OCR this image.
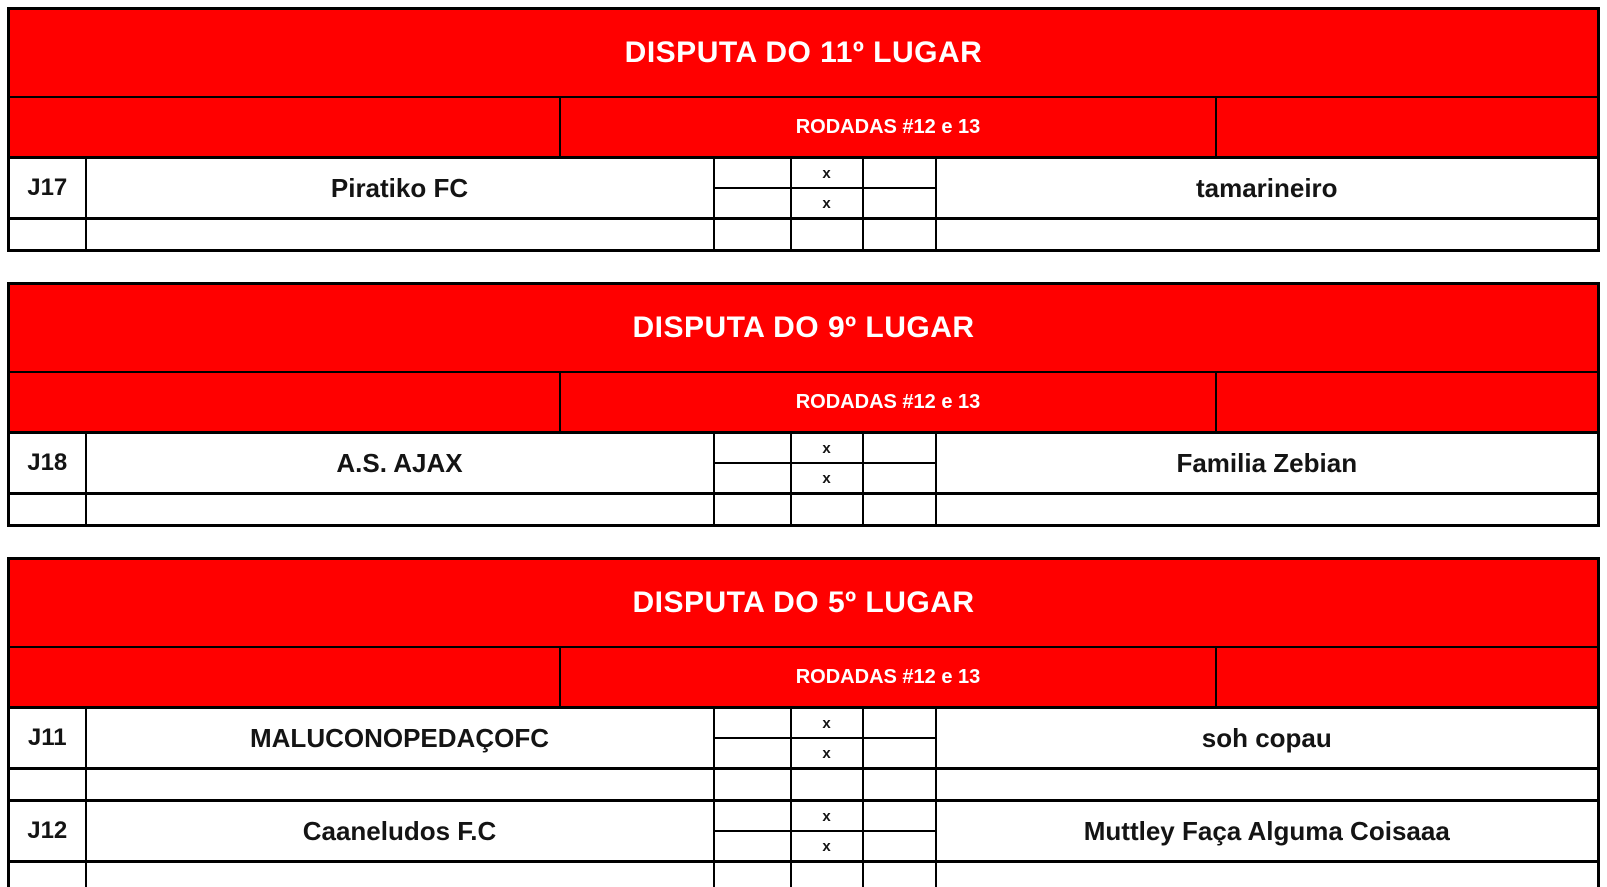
DISPUTA DO 11º LUGAR					

RODADAS #12 e 13					

J17	Piratiko FC		x		tamarineiro
			x		

DISPUTA DO 9º LUGAR					

RODADAS #12 e 13					

J18	A.S. AJAX		x		Familia Zebian
			x		

DISPUTA DO 5º LUGAR					

RODADAS #12 e 13					

J11	MALUCONOPEDAÇOFC		x		soh copau
			x		

J12	Caaneludos F.C		x		Muttley Faça Alguma Coisaaa
			x		
